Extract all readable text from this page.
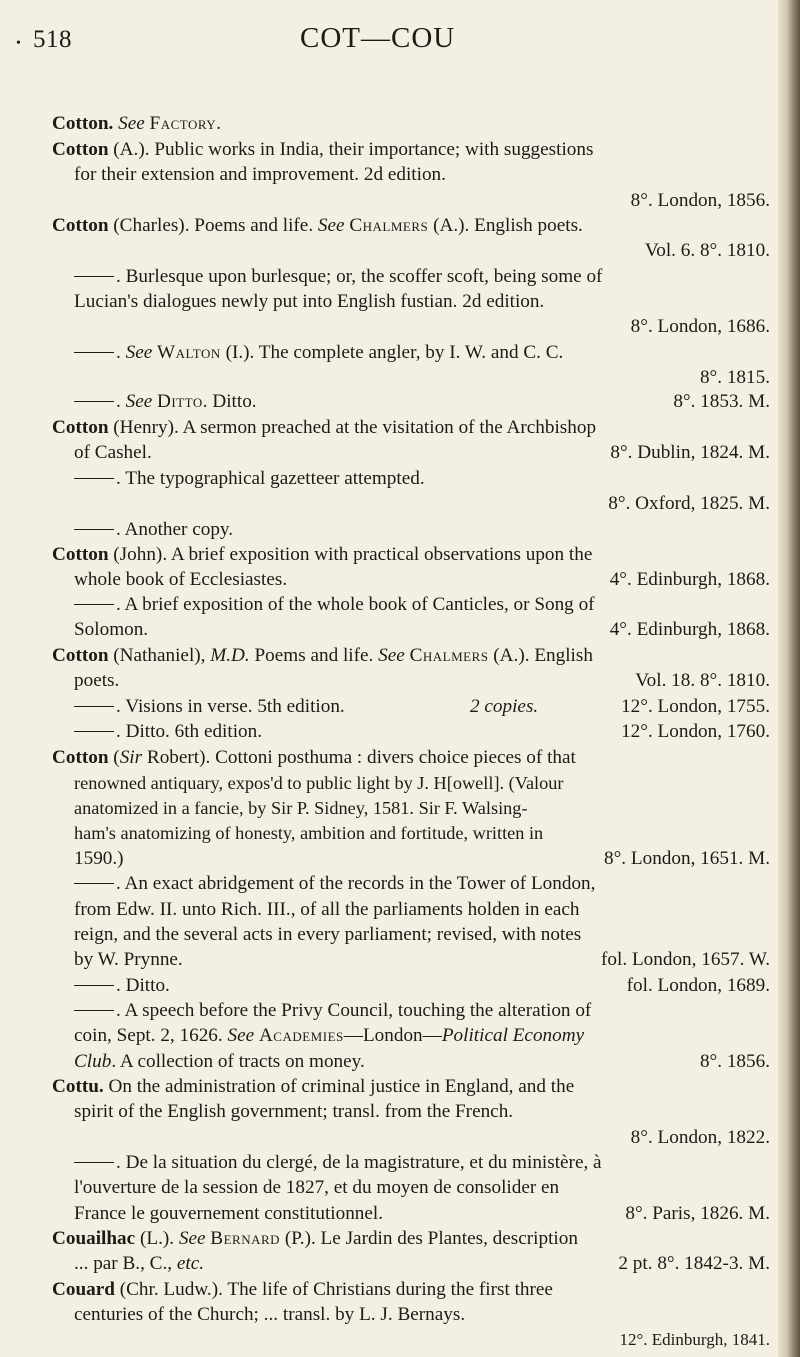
• 518	COT—COU
Cotton. See Factory.
Cotton (A.). Public works in India, their importance; with suggestions
for their extension and improvement. 2d edition.
8°. London, 1856.
Cotton (Charles). Poems and life. See Chalmers (A.). English poets.
Vol. 6. 8°. 1810.
. Burlesque upon burlesque; or, the scoffer scoft, being some of
Lucian's dialogues newly put into English fustian. 2d edition.
8°. London, 1686.
. See Walton (I.). The complete angler, by I. W. and C. C.
8°. 1815.
. See Ditto. Ditto.	8°. 1853. M.
Cotton (Henry). A sermon preached at the visitation of the Archbishop
of Cashel.	8°. Dublin, 1824. M.
. The typographical gazetteer attempted.
8°. Oxford, 1825. M.
. Another copy.
Cotton (John). A brief exposition with practical observations upon the
whole book of Ecclesiastes.	4°. Edinburgh, 1868.
. A brief exposition of the whole book of Canticles, or Song of
Solomon.	4°. Edinburgh, 1868.
Cotton (Nathaniel), M.D. Poems and life. See Chalmers (A.). English
poets.	Vol. 18. 8°. 1810.
. Visions in verse. 5th edition.	2 copies.	12°. London, 1755.
. Ditto. 6th edition.	12°. London, 1760.
Cotton (Sir Robert). Cottoni posthuma : divers choice pieces of that
renowned antiquary, expos'd to public light by J. H[owell]. (Valour
anatomized in a fancie, by Sir P. Sidney, 1581. Sir F. Walsing-
ham's anatomizing of honesty, ambition and fortitude, written in
1590.)	8°. London, 1651. M.
. An exact abridgement of the records in the Tower of London,
from Edw. II. unto Rich. III., of all the parliaments holden in each
reign, and the several acts in every parliament; revised, with notes
by W. Prynne.	fol. London, 1657. W.
. Ditto.	fol. London, 1689.
. A speech before the Privy Council, touching the alteration of
coin, Sept. 2, 1626. See Academies—London—Political Economy
Club. A collection of tracts on money.	8°. 1856.
Cottu. On the administration of criminal justice in England, and the
spirit of the English government; transl. from the French.
8°. London, 1822.
. De la situation du clergé, de la magistrature, et du ministère, à
l'ouverture de la session de 1827, et du moyen de consolider en
France le gouvernement constitutionnel.	8°. Paris, 1826. M.
Couailhac (L.). See Bernard (P.). Le Jardin des Plantes, description
... par B., C., etc.	2 pt. 8°. 1842-3. M.
Couard (Chr. Ludw.). The life of Christians during the first three
centuries of the Church; ... transl. by L. J. Bernays.
12°. Edinburgh, 1841.
